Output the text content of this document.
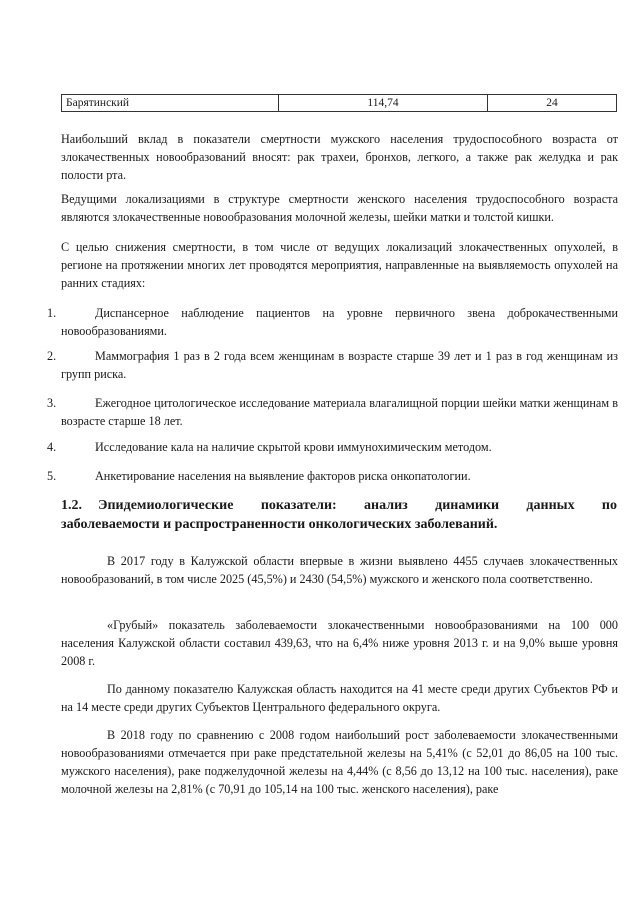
Барятинский	114,74	24

Наибольший вклад в показатели смертности мужского населения трудоспособного возраста от злокачественных новообразований вносят: рак трахеи, бронхов, легкого, а также рак желудка и рак полости рта.

Ведущими локализациями в структуре смертности женского населения трудоспособного возраста являются злокачественные новообразования молочной железы, шейки матки и толстой кишки.

С целью снижения смертности, в том числе от ведущих локализаций злокачественных опухолей, в регионе на протяжении многих лет проводятся мероприятия, направленные на выявляемость опухолей на ранних стадиях:

1.	Диспансерное наблюдение пациентов на уровне первичного звена доброкачественными новообразованиями.

2.	Маммография 1 раз в 2 года всем женщинам в возрасте старше 39 лет и 1 раз в год женщинам из групп риска.

3.	Ежегодное цитологическое исследование материала влагалищной порции шейки матки женщинам в возрасте старше 18 лет.

4.	Исследование кала на наличие скрытой крови иммунохимическим методом.

5.	Анкетирование населения на выявление факторов риска онкопатологии.

1.2. Эпидемиологические показатели: анализ динамики данных по
заболеваемости и распространенности онкологических заболеваний.

В 2017 году в Калужской области впервые в жизни выявлено 4455 случаев злокачественных новообразований, в том числе 2025 (45,5%) и 2430 (54,5%) мужского и женского пола соответственно.

«Грубый» показатель заболеваемости злокачественными новообразованиями на 100 000 населения Калужской области составил 439,63, что на 6,4% ниже уровня 2013 г. и на 9,0% выше уровня 2008 г.

По данному показателю Калужская область находится на 41 месте среди других Субъектов РФ и на 14 месте среди других Субъектов Центрального федерального округа.

В 2018 году по сравнению с 2008 годом наибольший рост заболеваемости злокачественными новообразованиями отмечается при раке предстательной железы на 5,41% (с 52,01 до 86,05 на 100 тыс. мужского населения), раке поджелудочной железы на 4,44% (с 8,56 до 13,12 на 100 тыс. населения), раке молочной железы на 2,81% (с 70,91 до 105,14 на 100 тыс. женского населения), раке
